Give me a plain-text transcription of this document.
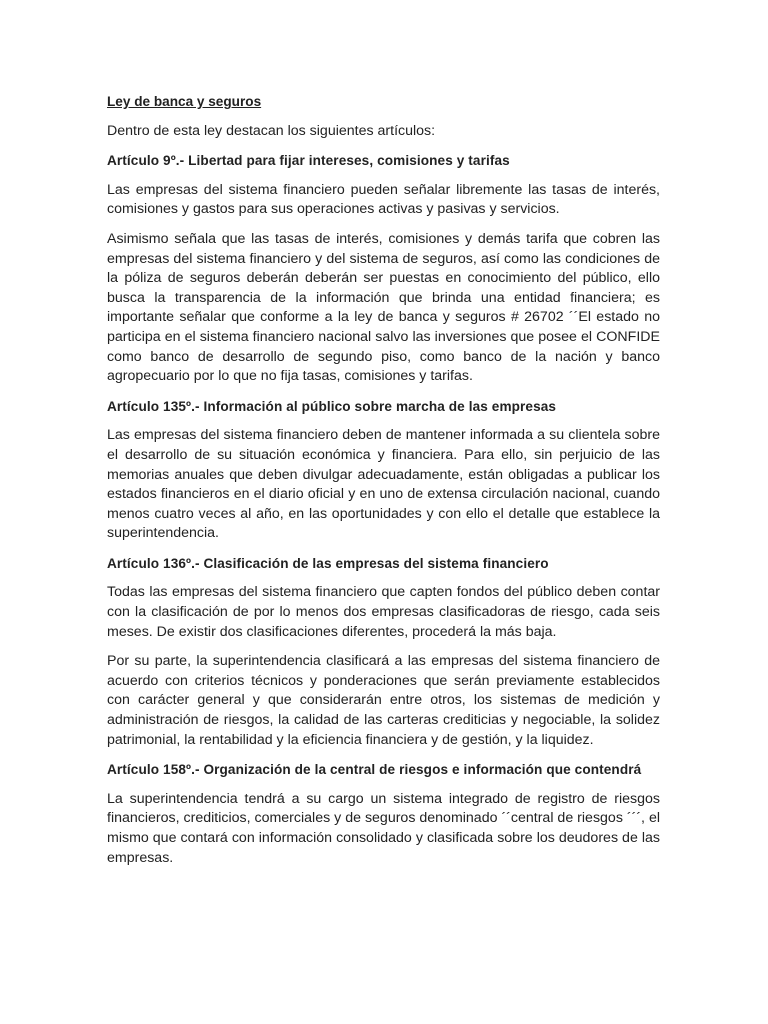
Ley de banca y seguros

Dentro de esta ley destacan los siguientes artículos:

Artículo 9º.- Libertad para fijar intereses, comisiones y tarifas

Las empresas del sistema financiero pueden señalar libremente las tasas de interés, comisiones y gastos para sus operaciones activas y pasivas y servicios.

Asimismo señala que las tasas de interés, comisiones y demás tarifa que cobren las empresas del sistema financiero y del sistema de seguros, así como las condiciones de la póliza de seguros deberán deberán ser puestas en conocimiento del público, ello busca la transparencia de la información que brinda una entidad financiera; es importante señalar que conforme a la ley de banca y seguros # 26702 ´´El estado no participa en el sistema financiero nacional salvo las inversiones que posee el CONFIDE como banco de desarrollo de segundo piso, como banco de la nación y banco agropecuario por lo que no fija tasas, comisiones y tarifas.

Artículo 135º.- Información al público sobre marcha de las empresas

Las empresas del sistema financiero deben de mantener informada a su clientela sobre el desarrollo de su situación económica y financiera. Para ello, sin perjuicio de las memorias anuales que deben divulgar adecuadamente, están obligadas a publicar los estados financieros en el diario oficial y en uno de extensa circulación nacional, cuando menos cuatro veces al año, en las oportunidades y con ello el detalle que establece la superintendencia.

Artículo 136º.- Clasificación de las empresas del sistema financiero

Todas las empresas del sistema financiero que capten fondos del público deben contar con la clasificación de por lo menos dos empresas clasificadoras de riesgo, cada seis meses. De existir dos clasificaciones diferentes, procederá la más baja.

Por su parte, la superintendencia clasificará a las empresas del sistema financiero de acuerdo con criterios técnicos y ponderaciones que serán previamente establecidos con carácter general y que considerarán entre otros, los sistemas de medición y administración de riesgos, la calidad de las carteras crediticias y negociable, la solidez patrimonial, la rentabilidad y la eficiencia financiera y de gestión, y la liquidez.

Artículo 158º.- Organización de la central de riesgos e información que contendrá

La superintendencia tendrá a su cargo un sistema integrado de registro de riesgos financieros, crediticios, comerciales y de seguros denominado ´´central de riesgos ´´´, el mismo que contará con información consolidado y clasificada sobre los deudores de las empresas.
